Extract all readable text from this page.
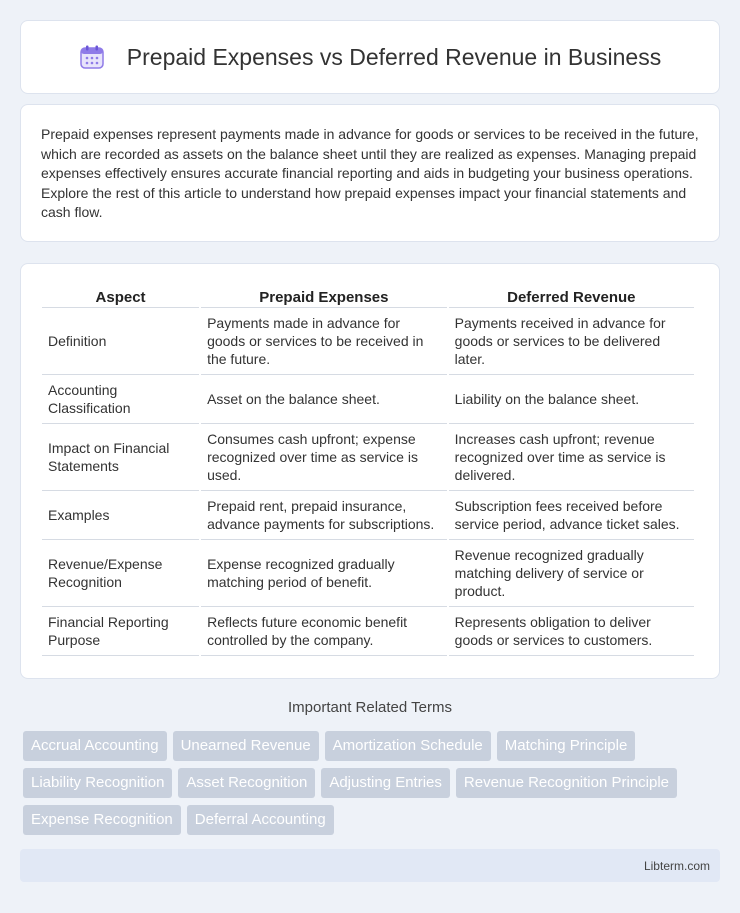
Prepaid Expenses vs Deferred Revenue in Business

Prepaid expenses represent payments made in advance for goods or services to be received in the future, which are recorded as assets on the balance sheet until they are realized as expenses. Managing prepaid expenses effectively ensures accurate financial reporting and aids in budgeting your business operations. Explore the rest of this article to understand how prepaid expenses impact your financial statements and cash flow.

Aspect	Prepaid Expenses	Deferred Revenue
Definition	Payments made in advance for goods or services to be received in the future.	Payments received in advance for goods or services to be delivered later.
Accounting Classification	Asset on the balance sheet.	Liability on the balance sheet.
Impact on Financial Statements	Consumes cash upfront; expense recognized over time as service is used.	Increases cash upfront; revenue recognized over time as service is delivered.
Examples	Prepaid rent, prepaid insurance, advance payments for subscriptions.	Subscription fees received before service period, advance ticket sales.
Revenue/Expense Recognition	Expense recognized gradually matching period of benefit.	Revenue recognized gradually matching delivery of service or product.
Financial Reporting Purpose	Reflects future economic benefit controlled by the company.	Represents obligation to deliver goods or services to customers.
Important Related Terms
Accrual Accounting	Unearned Revenue	Amortization Schedule	Matching Principle
Liability Recognition	Asset Recognition	Adjusting Entries	Revenue Recognition Principle
Expense Recognition	Deferral Accounting
Libterm.com
